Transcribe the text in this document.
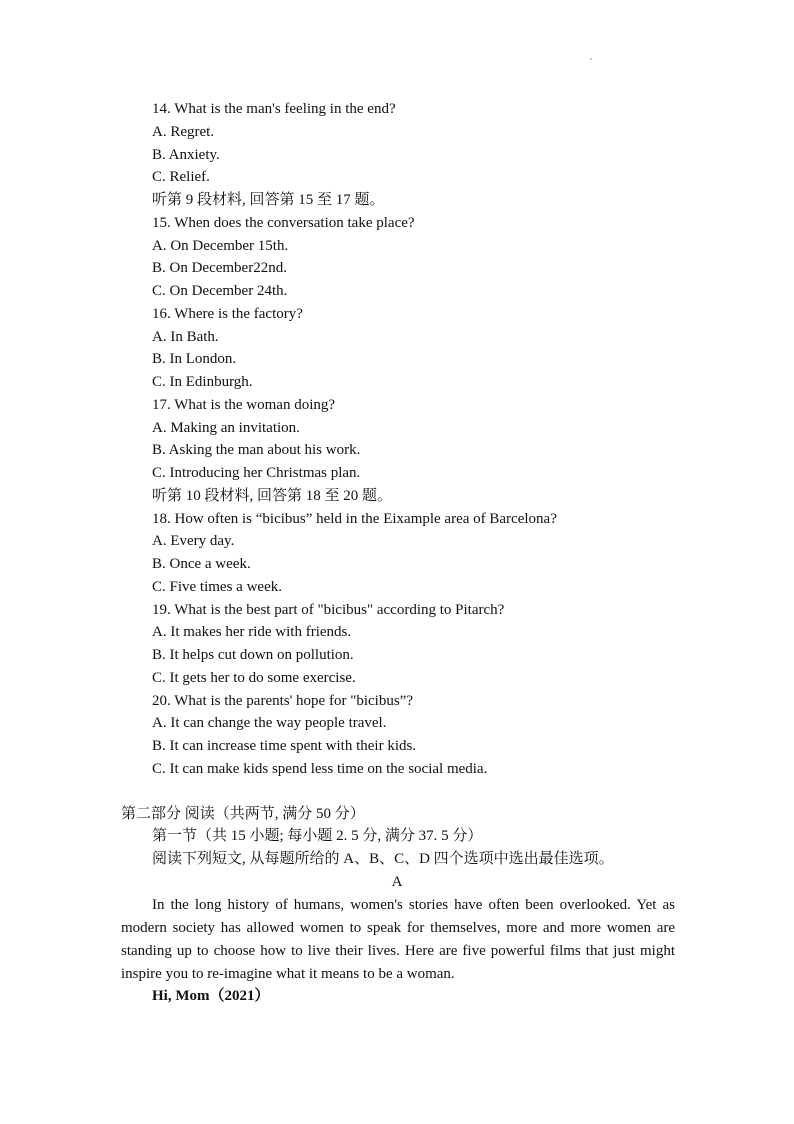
14. What is the man's feeling in the end?
A. Regret.
B. Anxiety.
C. Relief.
听第 9 段材料, 回答第 15 至 17 题。
15. When does the conversation take place?
A. On December 15th.
B. On December22nd.
C. On December 24th.
16. Where is the factory?
A. In Bath.
B. In London.
C. In Edinburgh.
17. What is the woman doing?
A. Making an invitation.
B. Asking the man about his work.
C. Introducing her Christmas plan.
听第 10 段材料, 回答第 18 至 20 题。
18. How often is “bicibus” held in the Eixample area of Barcelona?
A. Every day.
B. Once a week.
C. Five times a week.
19. What is the best part of "bicibus" according to Pitarch?
A. It makes her ride with friends.
B. It helps cut down on pollution.
C. It gets her to do some exercise.
20. What is the parents' hope for "bicibus”?
A. It can change the way people travel.
B. It can increase time spent with their kids.
C. It can make kids spend less time on the social media.
第二部分 阅读（共两节, 满分 50 分）
第一节（共 15 小题; 每小题 2. 5 分, 满分 37. 5 分）
阅读下列短文, 从每题所给的 A、B、C、D 四个选项中选出最佳选项。
A
In the long history of humans, women's stories have often been overlooked. Yet as modern society has allowed women to speak for themselves, more and more women are standing up to choose how to live their lives. Here are five powerful films that just might inspire you to re-imagine what it means to be a woman.
Hi, Mom（2021）
